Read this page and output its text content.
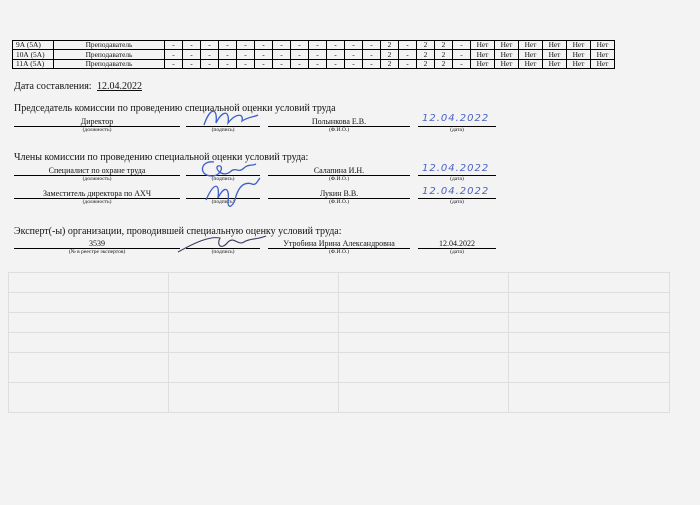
9А (5А)	Преподаватель	-	-	-	-	-	-	-	-	-	-	-	-	2	-	2	2	-	Нет	Нет	Нет	Нет	Нет	Нет
10А (5А)	Преподаватель	-	-	-	-	-	-	-	-	-	-	-	-	2	-	2	2	-	Нет	Нет	Нет	Нет	Нет	Нет
11А (5А)	Преподаватель	-	-	-	-	-	-	-	-	-	-	-	-	2	-	2	2	-	Нет	Нет	Нет	Нет	Нет	Нет
Дата составления: 12.04.2022
Председатель комиссии по проведению специальной оценки условий труда
Директор
(должность)	(подпись)
Полынкова Е.В.
(Ф.И.О.)
12.04.2022
(дата)
Члены комиссии по проведению специальной оценки условий труда:
Специалист по охране труда
(должность)	(подпись)
Салапина И.Н.
(Ф.И.О.)
12.04.2022
(дата)
Заместитель директора по АХЧ
(должность)	(подпись)
Лукин В.В.
(Ф.И.О.)
12.04.2022
(дата)
Эксперт(-ы) организации, проводившей специальную оценку условий труда:
3539
(№ в реестре экспертов)	(подпись)
Утробина Ирина Александровна
(Ф.И.О.)
12.04.2022
(дата)
